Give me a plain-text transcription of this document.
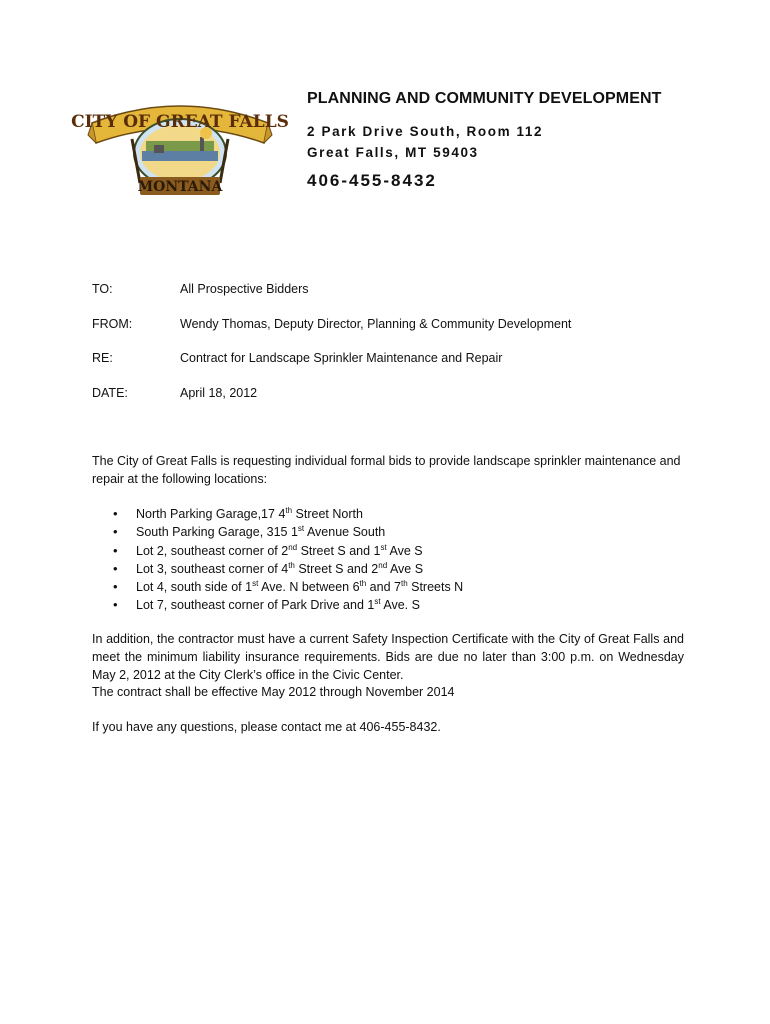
CITY OF GREAT FALLS
MONTANA

PLANNING AND COMMUNITY DEVELOPMENT

2 Park Drive South, Room 112

Great Falls, MT 59403

406-455-8432

TO:	All Prospective Bidders
FROM:	Wendy Thomas, Deputy Director, Planning & Community Development
RE:	Contract for Landscape Sprinkler Maintenance and Repair
DATE:	April 18, 2012

The City of Great Falls is requesting individual formal bids to provide landscape sprinkler maintenance and repair at the following locations:

• North Parking Garage,17 4th Street North
• South Parking Garage, 315 1st Avenue South
• Lot 2, southeast corner of 2nd Street S and 1st Ave S
• Lot 3, southeast corner of 4th Street S and 2nd Ave S
• Lot 4, south side of 1st Ave. N between 6th and 7th Streets N
• Lot 7, southeast corner of Park Drive and 1st Ave. S

In addition, the contractor must have a current Safety Inspection Certificate with the City of Great Falls and meet the minimum liability insurance requirements. Bids are due no later than 3:00 p.m. on Wednesday May 2, 2012 at the City Clerk’s office in the Civic Center.

The contract shall be effective May 2012 through November 2014

If you have any questions, please contact me at 406-455-8432.
